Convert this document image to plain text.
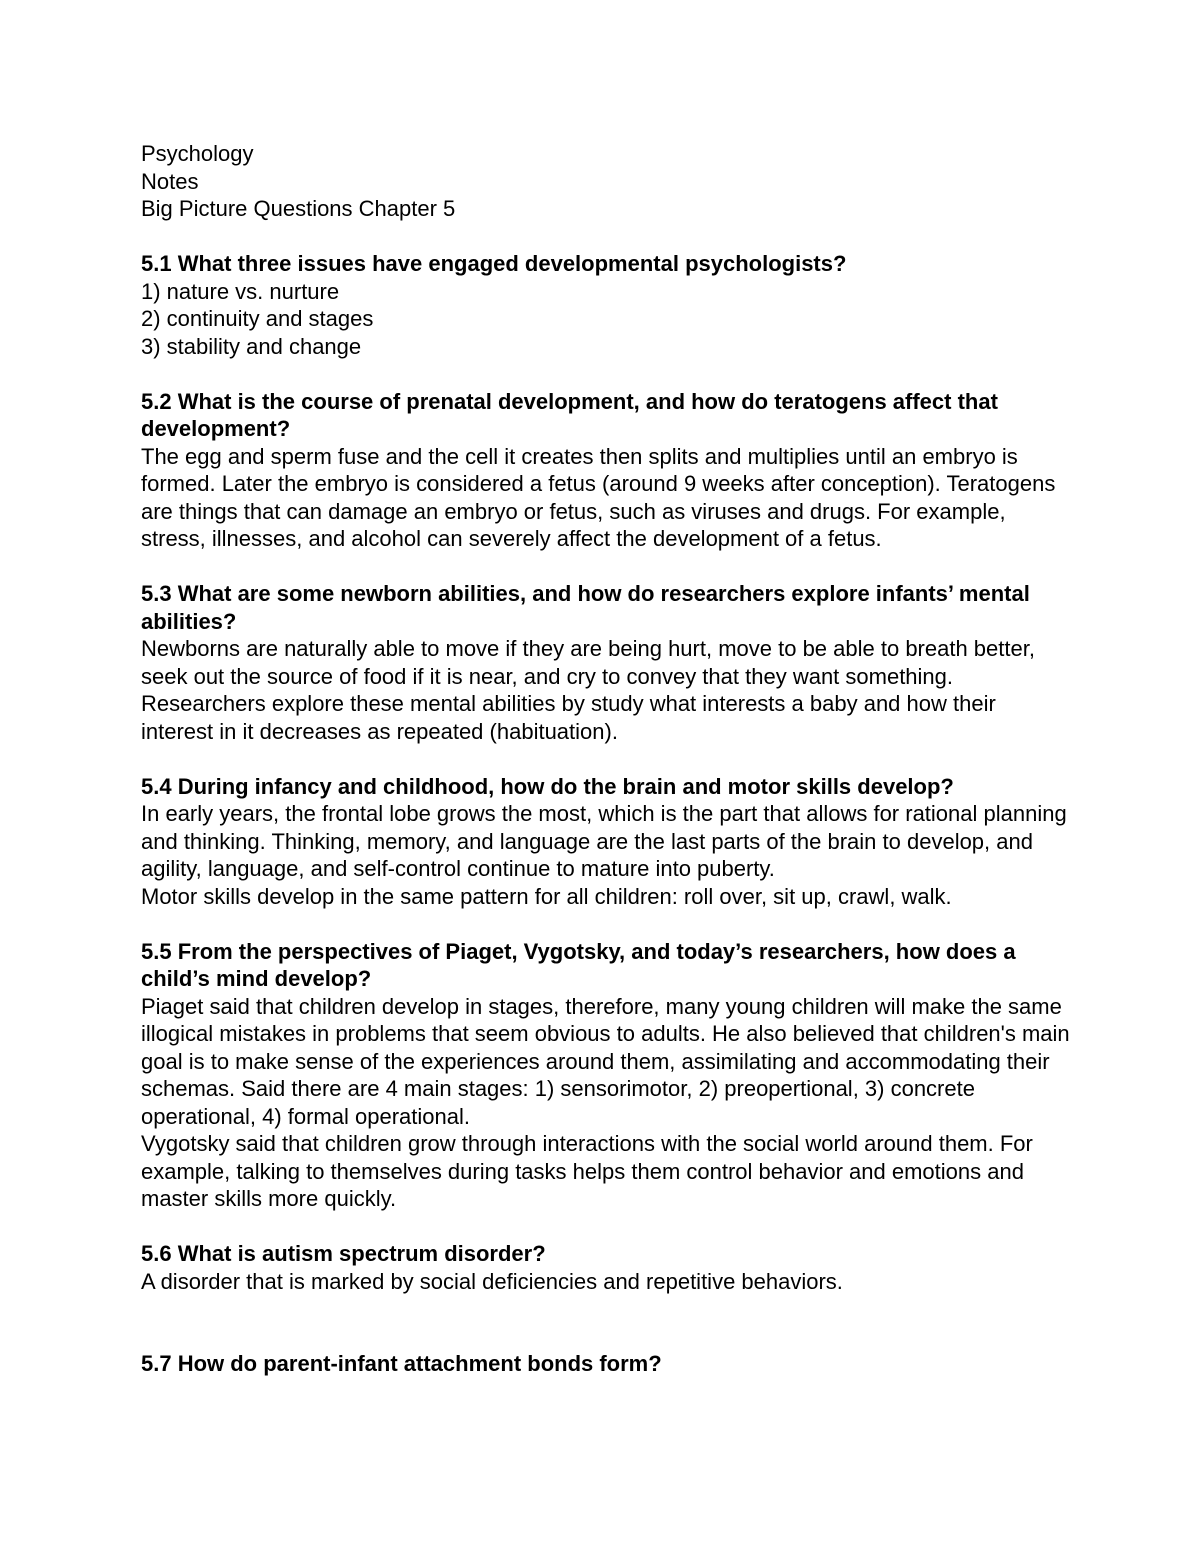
Psychology
Notes
Big Picture Questions Chapter 5
5.1 What three issues have engaged developmental psychologists?
1) nature vs. nurture
2) continuity and stages
3) stability and change
5.2 What is the course of prenatal development, and how do teratogens affect that development?
The egg and sperm fuse and the cell it creates then splits and multiplies until an embryo is formed. Later the embryo is considered a fetus (around 9 weeks after conception). Teratogens are things that can damage an embryo or fetus, such as viruses and drugs. For example, stress, illnesses, and alcohol can severely affect the development of a fetus.
5.3 What are some newborn abilities, and how do researchers explore infants’ mental abilities?
Newborns are naturally able to move if they are being hurt, move to be able to breath better, seek out the source of food if it is near, and cry to convey that they want something. Researchers explore these mental abilities by study what interests a baby and how their interest in it decreases as repeated (habituation).
5.4 During infancy and childhood, how do the brain and motor skills develop?
In early years, the frontal lobe grows the most, which is the part that allows for rational planning and thinking. Thinking, memory, and language are the last parts of the brain to develop, and agility, language, and self-control continue to mature into puberty.
Motor skills develop in the same pattern for all children: roll over, sit up, crawl, walk.
5.5 From the perspectives of Piaget, Vygotsky, and today’s researchers, how does a child’s mind develop?
Piaget said that children develop in stages, therefore, many young children will make the same illogical mistakes in problems that seem obvious to adults. He also believed that children's main goal is to make sense of the experiences around them, assimilating and accommodating their schemas. Said there are 4 main stages: 1) sensorimotor, 2) preopertional, 3) concrete operational, 4) formal operational.
Vygotsky said that children grow through interactions with the social world around them. For example, talking to themselves during tasks helps them control behavior and emotions and master skills more quickly.
5.6 What is autism spectrum disorder?
A disorder that is marked by social deficiencies and repetitive behaviors.
5.7 How do parent-infant attachment bonds form?
